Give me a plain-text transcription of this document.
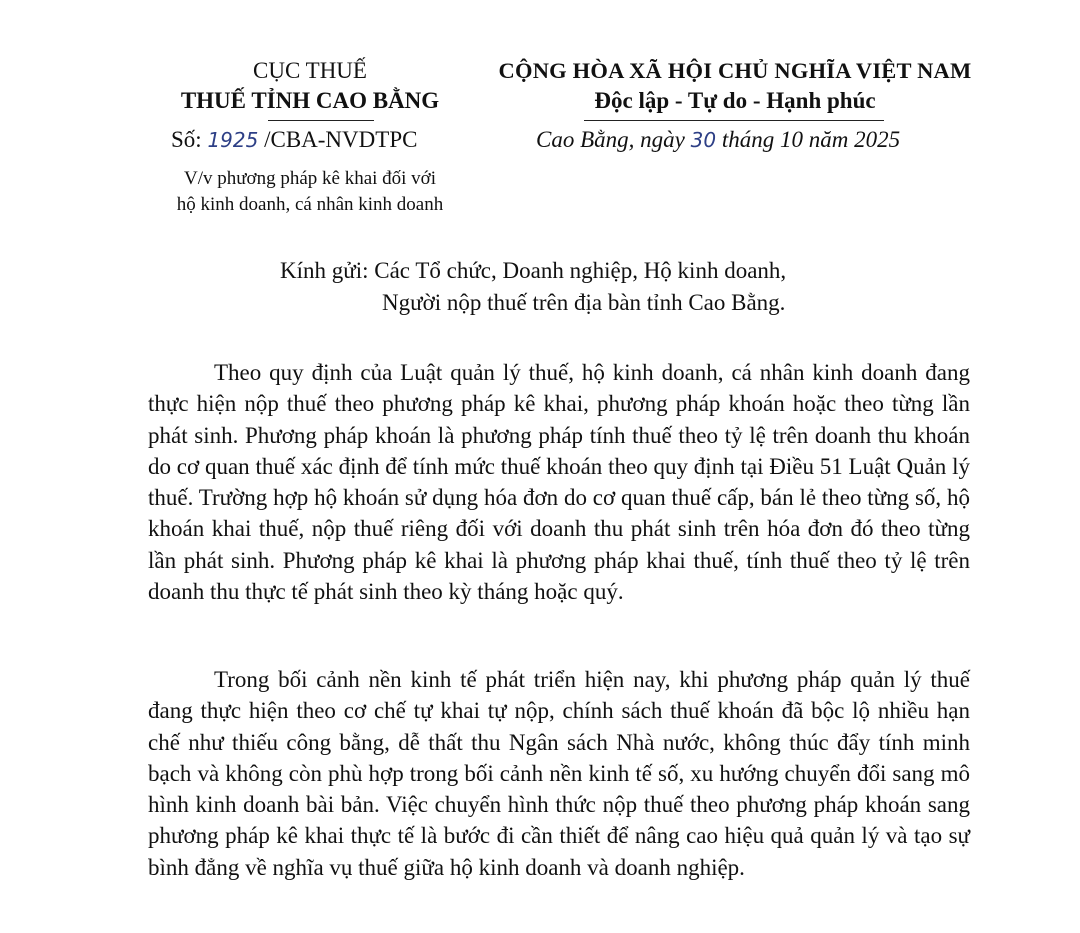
CỤC THUẾ
THUẾ TỈNH CAO BẰNG
Số: 1925 /CBA-NVDTPC
V/v phương pháp kê khai đối với
hộ kinh doanh, cá nhân kinh doanh
CỘNG HÒA XÃ HỘI CHỦ NGHĨA VIỆT NAM
Độc lập - Tự do - Hạnh phúc
Cao Bằng, ngày 30 tháng 10 năm 2025
Kính gửi: Các Tổ chức, Doanh nghiệp, Hộ kinh doanh,
Người nộp thuế trên địa bàn tỉnh Cao Bằng.

Theo quy định của Luật quản lý thuế, hộ kinh doanh, cá nhân kinh doanh đang thực hiện nộp thuế theo phương pháp kê khai, phương pháp khoán hoặc theo từng lần phát sinh. Phương pháp khoán là phương pháp tính thuế theo tỷ lệ trên doanh thu khoán do cơ quan thuế xác định để tính mức thuế khoán theo quy định tại Điều 51 Luật Quản lý thuế. Trường hợp hộ khoán sử dụng hóa đơn do cơ quan thuế cấp, bán lẻ theo từng số, hộ khoán khai thuế, nộp thuế riêng đối với doanh thu phát sinh trên hóa đơn đó theo từng lần phát sinh. Phương pháp kê khai là phương pháp khai thuế, tính thuế theo tỷ lệ trên doanh thu thực tế phát sinh theo kỳ tháng hoặc quý.

Trong bối cảnh nền kinh tế phát triển hiện nay, khi phương pháp quản lý thuế đang thực hiện theo cơ chế tự khai tự nộp, chính sách thuế khoán đã bộc lộ nhiều hạn chế như thiếu công bằng, dễ thất thu Ngân sách Nhà nước, không thúc đẩy tính minh bạch và không còn phù hợp trong bối cảnh nền kinh tế số, xu hướng chuyển đổi sang mô hình kinh doanh bài bản. Việc chuyển hình thức nộp thuế theo phương pháp khoán sang phương pháp kê khai thực tế là bước đi cần thiết để nâng cao hiệu quả quản lý và tạo sự bình đẳng về nghĩa vụ thuế giữa hộ kinh doanh và doanh nghiệp.
